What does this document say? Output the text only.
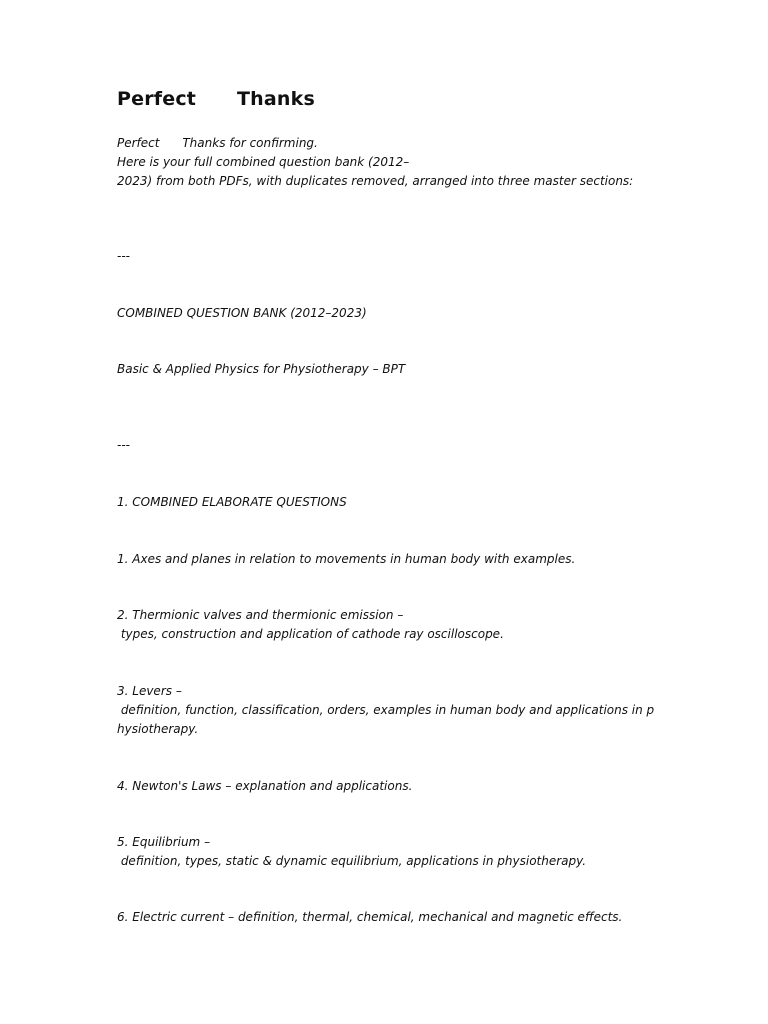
Perfect      Thanks

Perfect      Thanks for confirming.

Here is your full combined question bank (2012–

2023) from both PDFs, with duplicates removed, arranged into three master sections:

---

COMBINED QUESTION BANK (2012–2023)

Basic & Applied Physics for Physiotherapy – BPT

---

1. COMBINED ELABORATE QUESTIONS

1. Axes and planes in relation to movements in human body with examples.

2. Thermionic valves and thermionic emission –

types, construction and application of cathode ray oscilloscope.

3. Levers –

definition, function, classification, orders, examples in human body and applications in p

hysiotherapy.

4. Newton's Laws – explanation and applications.

5. Equilibrium –

definition, types, static & dynamic equilibrium, applications in physiotherapy.

6. Electric current – definition, thermal, chemical, mechanical and magnetic effects.
